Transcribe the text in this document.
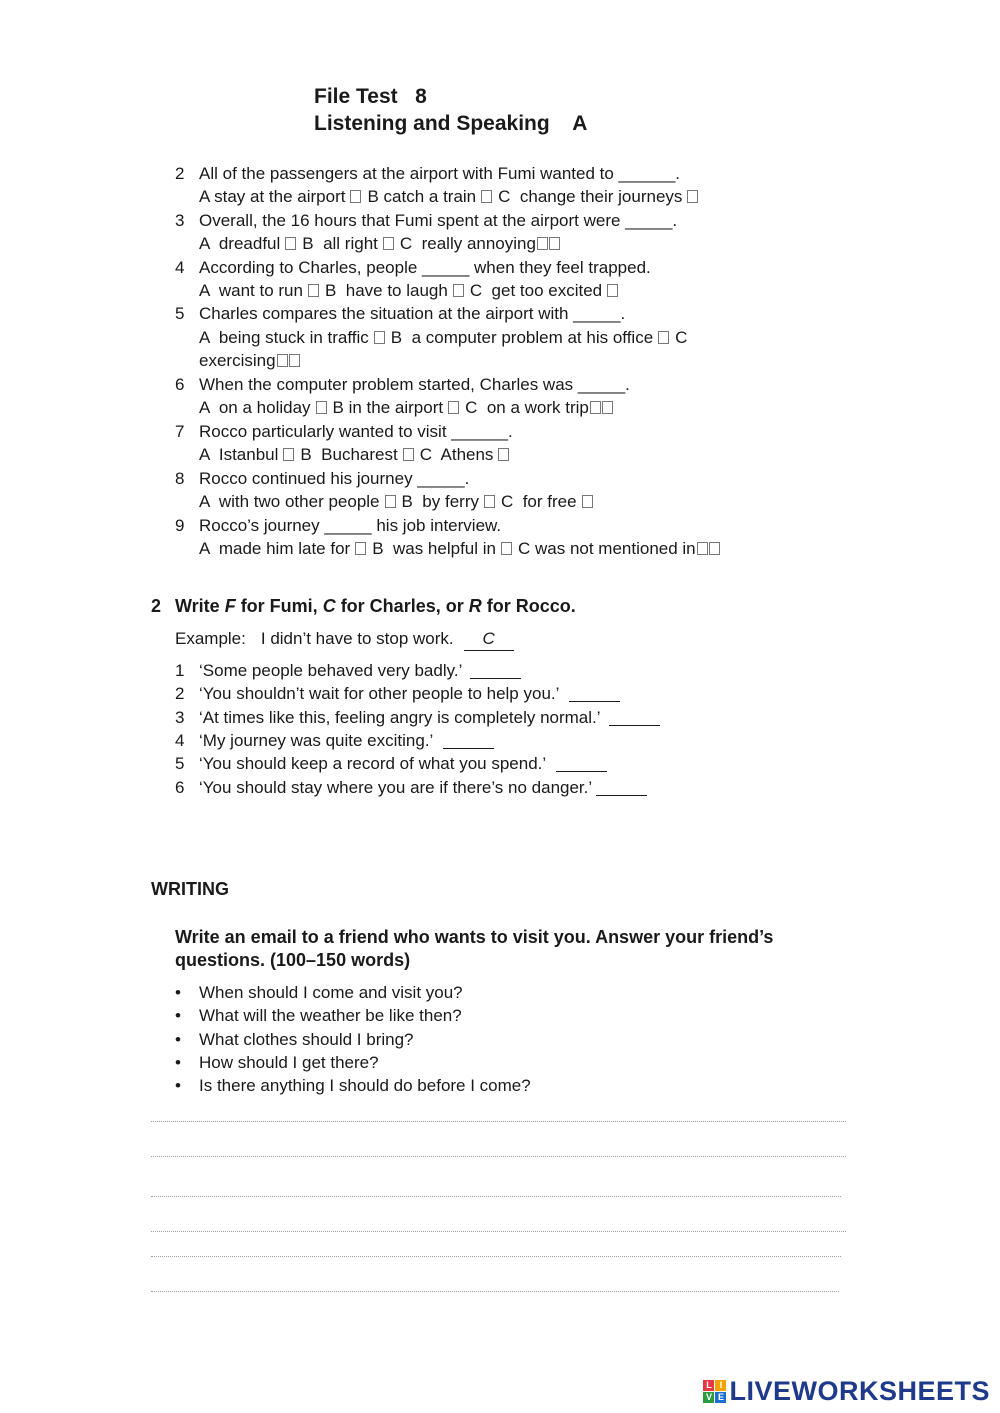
File Test   8
Listening and Speaking    A
2 All of the passengers at the airport with Fumi wanted to ______.
A stay at the airport B catch a train C  change their journeys
3 Overall, the 16 hours that Fumi spent at the airport were _____.
A  dreadful B  all right C  really annoying
4 According to Charles, people _____ when they feel trapped.
A  want to run B  have to laugh C  get too excited
5 Charles compares the situation at the airport with _____.
A  being stuck in traffic B  a computer problem at his office C
exercising
6 When the computer problem started, Charles was _____.
A  on a holiday B in the airport C  on a work trip
7 Rocco particularly wanted to visit ______.
A  Istanbul B  Bucharest C  Athens
8 Rocco continued his journey _____.
A  with two other people B  by ferry C  for free
9 Rocco’s journey _____ his job interview.
A  made him late for B  was helpful in C was not mentioned in
2 Write F for Fumi, C for Charles, or R for Rocco.
Example: I didn’t have to stop work. C
1 ‘Some people behaved very badly.’
2 ‘You shouldn’t wait for other people to help you.’
3 ‘At times like this, feeling angry is completely normal.’
4 ‘My journey was quite exciting.’
5 ‘You should keep a record of what you spend.’
6 ‘You should stay where you are if there’s no danger.’
WRITING
Write an email to a friend who wants to visit you. Answer your friend’s
questions. (100–150 words)
• When should I come and visit you?
• What will the weather be like then?
• What clothes should I bring?
• How should I get there?
• Is there anything I should do before I come?
L I
V E LIVEWORKSHEETS
